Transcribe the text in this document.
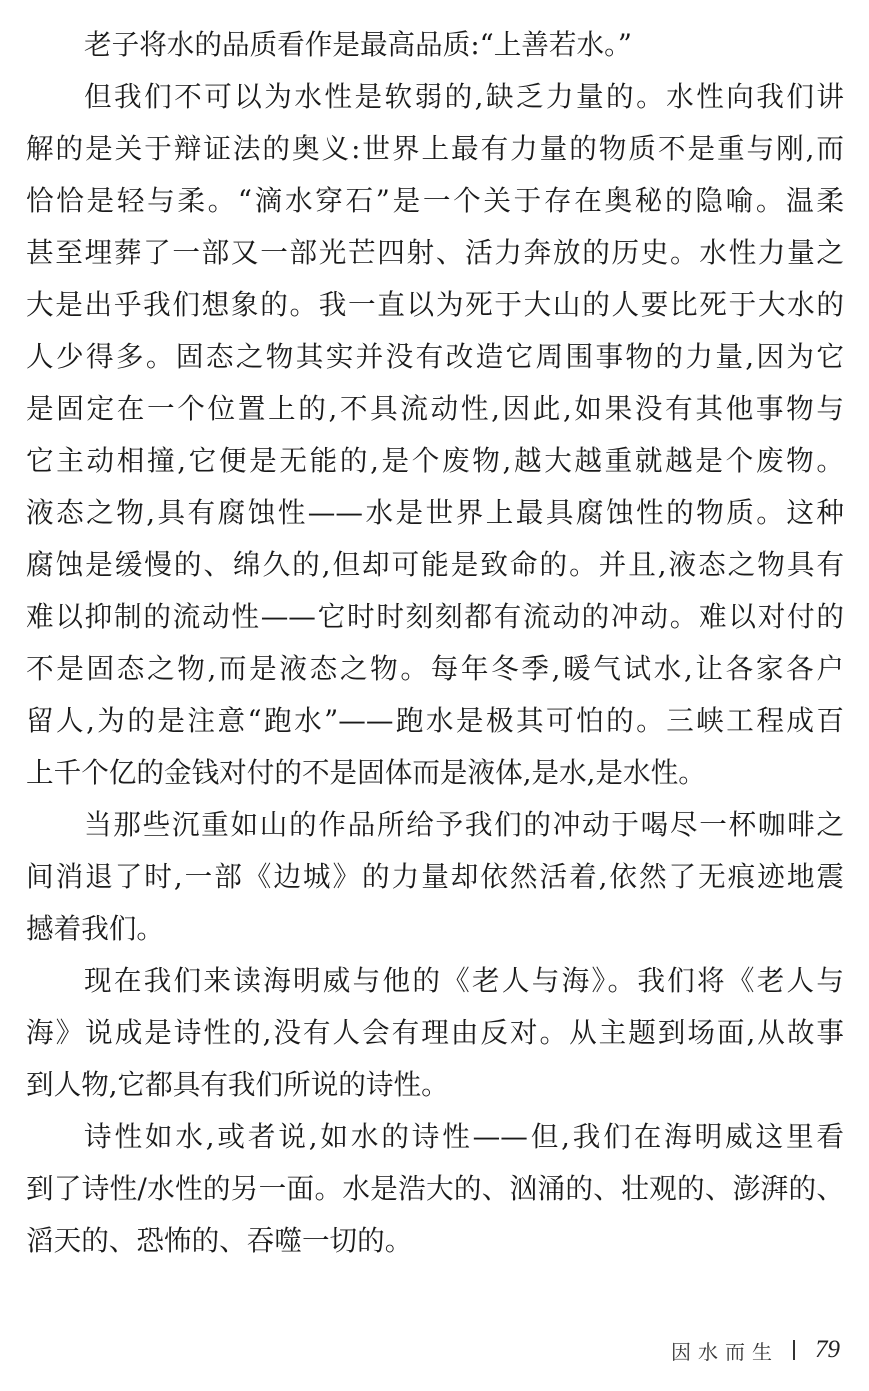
老子将水的品质看作是最高品质:“上善若水。”
但我们不可以为水性是软弱的,缺乏力量的。水性向我们讲
解的是关于辩证法的奥义:世界上最有力量的物质不是重与刚,而
恰恰是轻与柔。“滴水穿石”是一个关于存在奥秘的隐喻。温柔
甚至埋葬了一部又一部光芒四射、活力奔放的历史。水性力量之
大是出乎我们想象的。我一直以为死于大山的人要比死于大水的
人少得多。固态之物其实并没有改造它周围事物的力量,因为它
是固定在一个位置上的,不具流动性,因此,如果没有其他事物与
它主动相撞,它便是无能的,是个废物,越大越重就越是个废物。
液态之物,具有腐蚀性——水是世界上最具腐蚀性的物质。这种
腐蚀是缓慢的、绵久的,但却可能是致命的。并且,液态之物具有
难以抑制的流动性——它时时刻刻都有流动的冲动。难以对付的
不是固态之物,而是液态之物。每年冬季,暖气试水,让各家各户
留人,为的是注意“跑水”——跑水是极其可怕的。三峡工程成百
上千个亿的金钱对付的不是固体而是液体,是水,是水性。
当那些沉重如山的作品所给予我们的冲动于喝尽一杯咖啡之
间消退了时,一部《边城》的力量却依然活着,依然了无痕迹地震
撼着我们。
现在我们来读海明威与他的《老人与海》。我们将《老人与
海》说成是诗性的,没有人会有理由反对。从主题到场面,从故事
到人物,它都具有我们所说的诗性。
诗性如水,或者说,如水的诗性——但,我们在海明威这里看
到了诗性/水性的另一面。水是浩大的、汹涌的、壮观的、澎湃的、
滔天的、恐怖的、吞噬一切的。
因水而生 79
